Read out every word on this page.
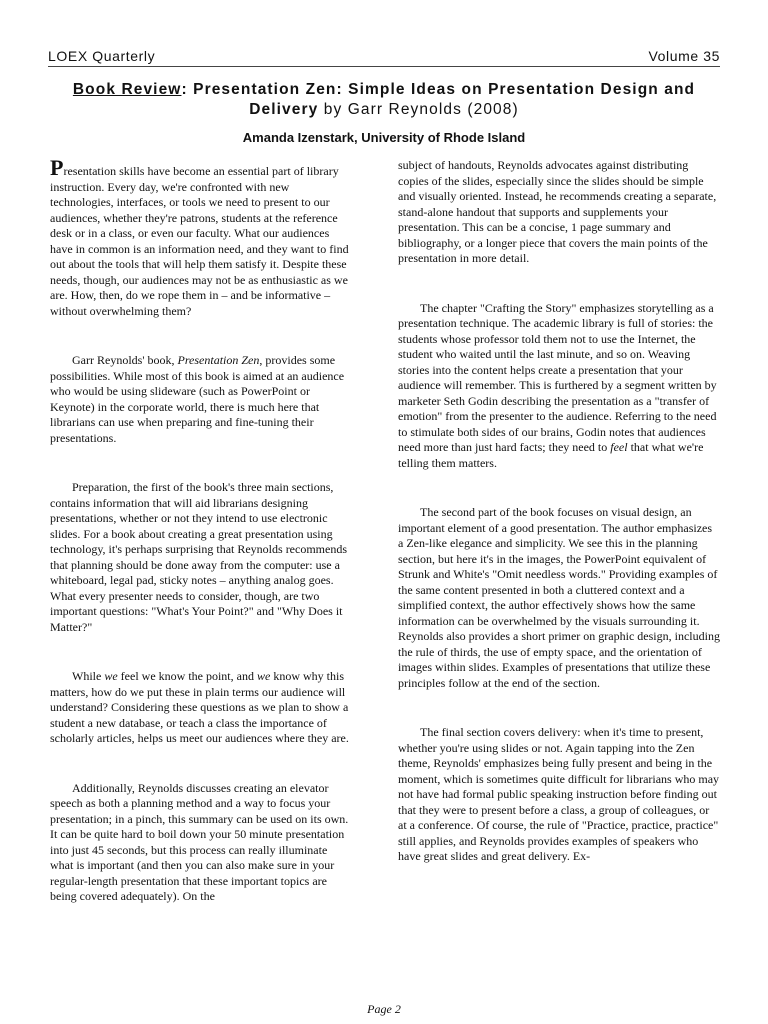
LOEX Quarterly	Volume 35
Book Review: Presentation Zen: Simple Ideas on Presentation Design and Delivery by Garr Reynolds (2008)
Amanda Izenstark, University of Rhode Island

Presentation skills have become an essential part of library instruction. Every day, we're confronted with new technologies, interfaces, or tools we need to present to our audiences, whether they're patrons, students at the reference desk or in a class, or even our faculty. What our audiences have in common is an information need, and they want to find out about the tools that will help them satisfy it. Despite these needs, though, our audiences may not be as enthusiastic as we are. How, then, do we rope them in – and be informative – without overwhelming them?

Garr Reynolds' book, Presentation Zen, provides some possibilities. While most of this book is aimed at an audience who would be using slideware (such as PowerPoint or Keynote) in the corporate world, there is much here that librarians can use when preparing and fine-tuning their presentations.

Preparation, the first of the book's three main sections, contains information that will aid librarians designing presentations, whether or not they intend to use electronic slides. For a book about creating a great presentation using technology, it's perhaps surprising that Reynolds recommends that planning should be done away from the computer: use a whiteboard, legal pad, sticky notes – anything analog goes. What every presenter needs to consider, though, are two important questions: "What's Your Point?" and "Why Does it Matter?"

While we feel we know the point, and we know why this matters, how do we put these in plain terms our audience will understand? Considering these questions as we plan to show a student a new database, or teach a class the importance of scholarly articles, helps us meet our audiences where they are.

Additionally, Reynolds discusses creating an elevator speech as both a planning method and a way to focus your presentation; in a pinch, this summary can be used on its own. It can be quite hard to boil down your 50 minute presentation into just 45 seconds, but this process can really illuminate what is important (and then you can also make sure in your regular-length presentation that these important topics are being covered adequately). On the

subject of handouts, Reynolds advocates against distributing copies of the slides, especially since the slides should be simple and visually oriented. Instead, he recommends creating a separate, stand-alone handout that supports and supplements your presentation. This can be a concise, 1 page summary and bibliography, or a longer piece that covers the main points of the presentation in more detail.

The chapter "Crafting the Story" emphasizes storytelling as a presentation technique. The academic library is full of stories: the students whose professor told them not to use the Internet, the student who waited until the last minute, and so on. Weaving stories into the content helps create a presentation that your audience will remember. This is furthered by a segment written by marketer Seth Godin describing the presentation as a "transfer of emotion" from the presenter to the audience. Referring to the need to stimulate both sides of our brains, Godin notes that audiences need more than just hard facts; they need to feel that what we're telling them matters.

The second part of the book focuses on visual design, an important element of a good presentation. The author emphasizes a Zen-like elegance and simplicity. We see this in the planning section, but here it's in the images, the PowerPoint equivalent of Strunk and White's "Omit needless words." Providing examples of the same content presented in both a cluttered context and a simplified context, the author effectively shows how the same information can be overwhelmed by the visuals surrounding it. Reynolds also provides a short primer on graphic design, including the rule of thirds, the use of empty space, and the orientation of images within slides. Examples of presentations that utilize these principles follow at the end of the section.

The final section covers delivery: when it's time to present, whether you're using slides or not. Again tapping into the Zen theme, Reynolds' emphasizes being fully present and being in the moment, which is sometimes quite difficult for librarians who may not have had formal public speaking instruction before finding out that they were to present before a class, a group of colleagues, or at a conference. Of course, the rule of "Practice, practice, practice" still applies, and Reynolds provides examples of speakers who have great slides and great delivery. Ex-

Page 2
